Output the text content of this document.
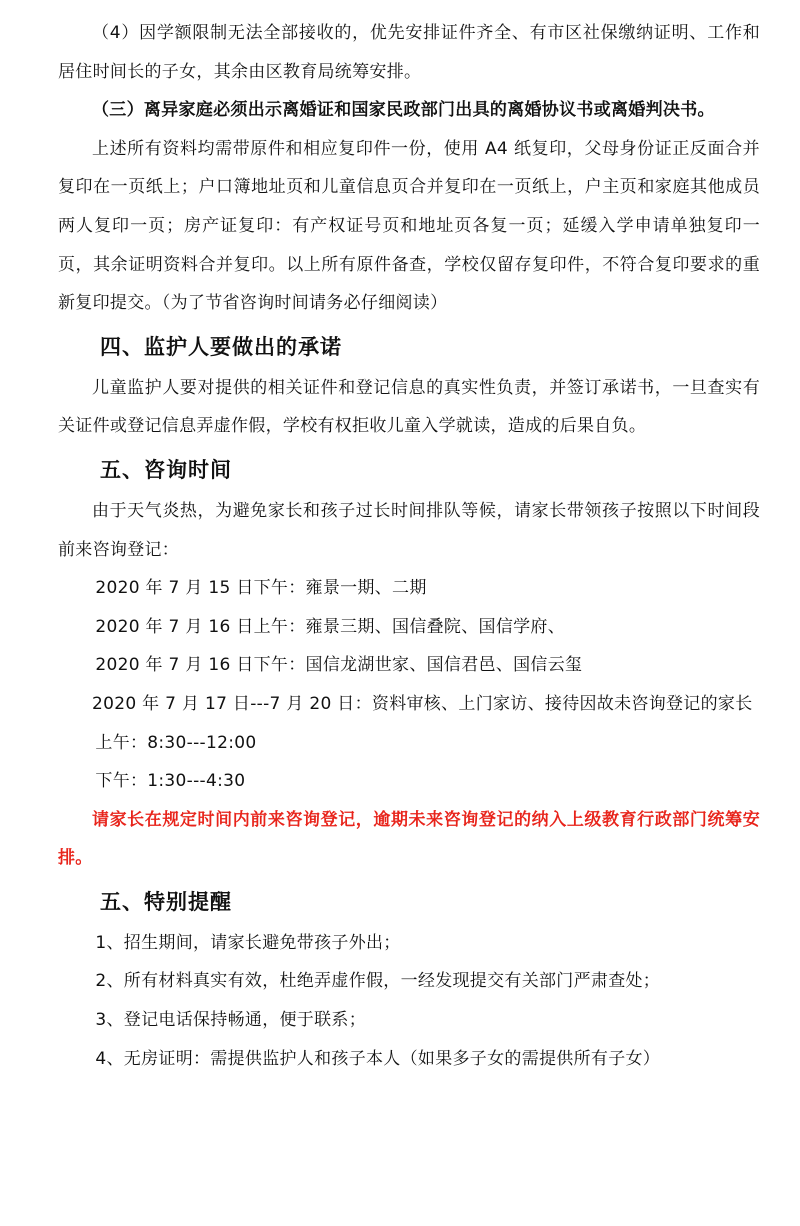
（4）因学额限制无法全部接收的，优先安排证件齐全、有市区社保缴纳证明、工作和居住时间长的子女，其余由区教育局统筹安排。

（三）离异家庭必须出示离婚证和国家民政部门出具的离婚协议书或离婚判决书。

上述所有资料均需带原件和相应复印件一份，使用 A4 纸复印，父母身份证正反面合并复印在一页纸上；户口簿地址页和儿童信息页合并复印在一页纸上，户主页和家庭其他成员两人复印一页；房产证复印：有产权证号页和地址页各复一页；延缓入学申请单独复印一页，其余证明资料合并复印。以上所有原件备查，学校仅留存复印件，不符合复印要求的重新复印提交。（为了节省咨询时间请务必仔细阅读）

四、监护人要做出的承诺

儿童监护人要对提供的相关证件和登记信息的真实性负责，并签订承诺书，一旦查实有关证件或登记信息弄虚作假，学校有权拒收儿童入学就读，造成的后果自负。

五、咨询时间

由于天气炎热，为避免家长和孩子过长时间排队等候，请家长带领孩子按照以下时间段前来咨询登记：

2020 年 7 月 15 日下午：雍景一期、二期

2020 年 7 月 16 日上午：雍景三期、国信叠院、国信学府、

2020 年 7 月 16 日下午：国信龙湖世家、国信君邑、国信云玺

2020 年 7 月 17 日---7 月 20 日：资料审核、上门家访、接待因故未咨询登记的家长

上午：8:30---12:00

下午：1:30---4:30

请家长在规定时间内前来咨询登记，逾期未来咨询登记的纳入上级教育行政部门统筹安排。

五、特别提醒

1、招生期间，请家长避免带孩子外出；

2、所有材料真实有效，杜绝弄虚作假，一经发现提交有关部门严肃查处；

3、登记电话保持畅通，便于联系；

4、无房证明：需提供监护人和孩子本人（如果多子女的需提供所有子女）
